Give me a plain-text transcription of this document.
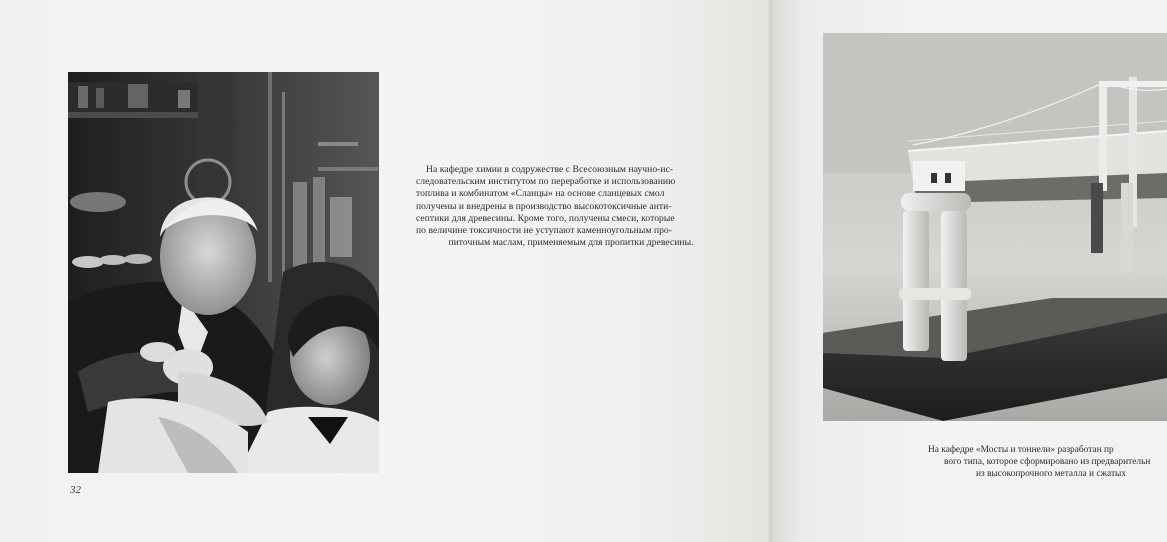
На кафедре химии в содружестве с Всесоюзным научно-ис-
следовательским институтом по переработке и использованию
топлива и комбинатом «Сланцы» на основе сланцевых смол
получены и внедрены в производство высокотоксичные анти-
септики для древесины. Кроме того, получены смеси, которые
по величине токсичности не уступают каменноугольным про-
питочным маслам, применяемым для пропитки древесины.
32
На кафедре «Мосты и тоннели» разработан пр
вого типа, которое сформировано из предварительн
из высокопрочного металла и сжатых
